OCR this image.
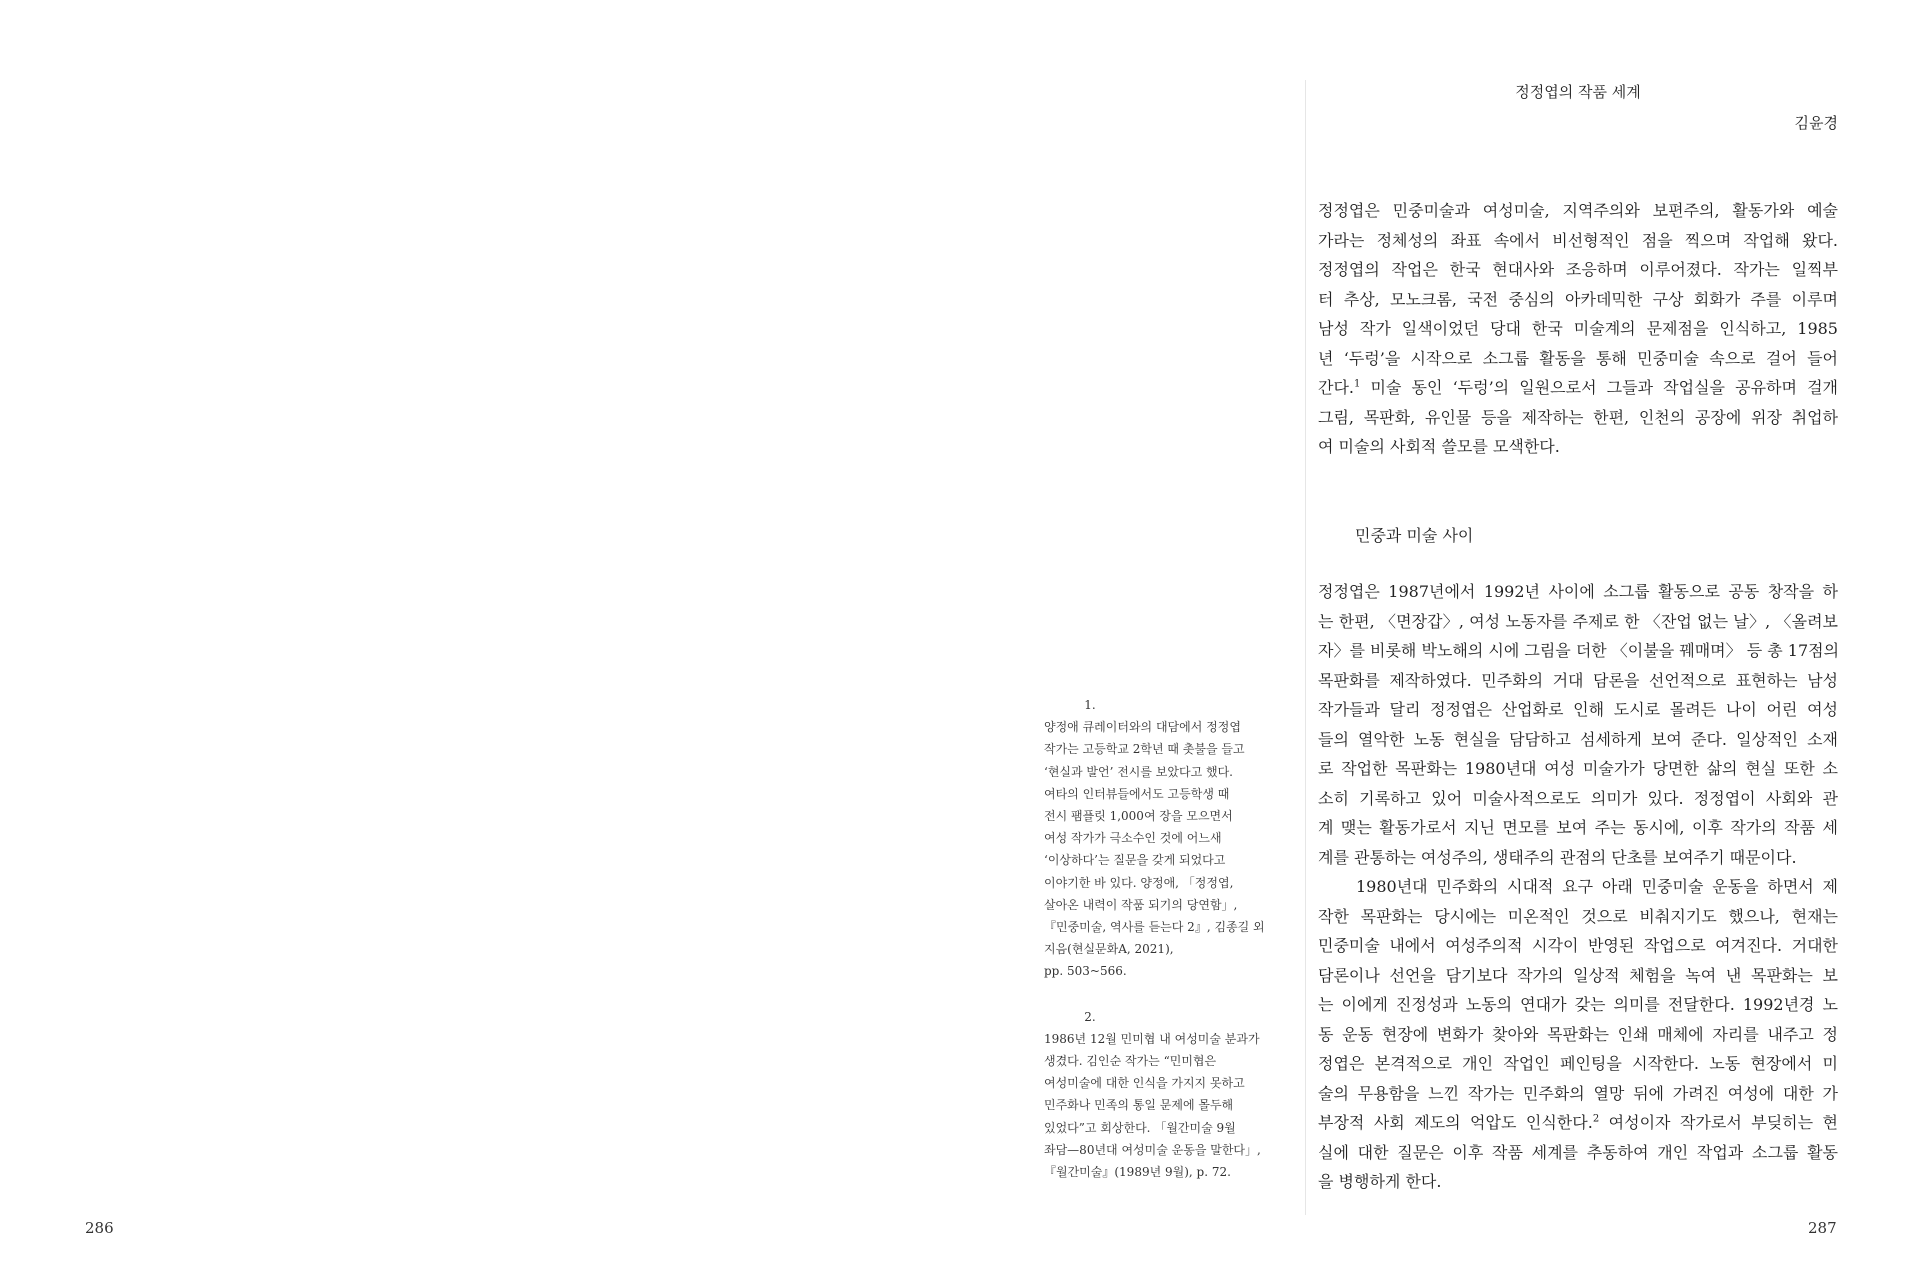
1.
양정애 큐레이터와의 대담에서 정정엽
작가는 고등학교 2학년 때 촛불을 들고
‘현실과 발언’ 전시를 보았다고 했다.
여타의 인터뷰들에서도 고등학생 때
전시 팸플릿 1,000여 장을 모으면서
여성 작가가 극소수인 것에 어느새
‘이상하다’는 질문을 갖게 되었다고
이야기한 바 있다. 양정애, 「정정엽,
살아온 내력이 작품 되기의 당연함」,
『민중미술, 역사를 듣는다 2』, 김종길 외
지음(현실문화A, 2021),
pp. 503~566.
2.
1986년 12월 민미협 내 여성미술 분과가
생겼다. 김인순 작가는 “민미협은
여성미술에 대한 인식을 가지지 못하고
민주화나 민족의 통일 문제에 몰두해
있었다”고 회상한다. 「월간미술 9월
좌담—80년대 여성미술 운동을 말한다」,
『월간미술』(1989년 9월), p. 72.
286
정정엽의 작품 세계
김윤경
정정엽은 민중미술과 여성미술, 지역주의와 보편주의, 활동가와 예술
가라는 정체성의 좌표 속에서 비선형적인 점을 찍으며 작업해 왔다.
정정엽의 작업은 한국 현대사와 조응하며 이루어졌다. 작가는 일찍부
터 추상, 모노크롬, 국전 중심의 아카데믹한 구상 회화가 주를 이루며
남성 작가 일색이었던 당대 한국 미술계의 문제점을 인식하고, 1985
년 ‘두렁’을 시작으로 소그룹 활동을 통해 민중미술 속으로 걸어 들어
간다.$^1$ 미술 동인 ‘두렁’의 일원으로서 그들과 작업실을 공유하며 걸개
그림, 목판화, 유인물 등을 제작하는 한편, 인천의 공장에 위장 취업하
여 미술의 사회적 쓸모를 모색한다.
민중과 미술 사이
정정엽은 1987년에서 1992년 사이에 소그룹 활동으로 공동 창작을 하
는 한편, 〈면장갑〉, 여성 노동자를 주제로 한 〈잔업 없는 날〉, 〈올려보
자〉를 비롯해 박노해의 시에 그림을 더한 〈이불을 꿰매며〉 등 총 17점의
목판화를 제작하였다. 민주화의 거대 담론을 선언적으로 표현하는 남성
작가들과 달리 정정엽은 산업화로 인해 도시로 몰려든 나이 어린 여성
들의 열악한 노동 현실을 담담하고 섬세하게 보여 준다. 일상적인 소재
로 작업한 목판화는 1980년대 여성 미술가가 당면한 삶의 현실 또한 소
소히 기록하고 있어 미술사적으로도 의미가 있다. 정정엽이 사회와 관
계 맺는 활동가로서 지닌 면모를 보여 주는 동시에, 이후 작가의 작품 세
계를 관통하는 여성주의, 생태주의 관점의 단초를 보여주기 때문이다.
1980년대 민주화의 시대적 요구 아래 민중미술 운동을 하면서 제
작한 목판화는 당시에는 미온적인 것으로 비춰지기도 했으나, 현재는
민중미술 내에서 여성주의적 시각이 반영된 작업으로 여겨진다. 거대한
담론이나 선언을 담기보다 작가의 일상적 체험을 녹여 낸 목판화는 보
는 이에게 진정성과 노동의 연대가 갖는 의미를 전달한다. 1992년경 노
동 운동 현장에 변화가 찾아와 목판화는 인쇄 매체에 자리를 내주고 정
정엽은 본격적으로 개인 작업인 페인팅을 시작한다. 노동 현장에서 미
술의 무용함을 느낀 작가는 민주화의 열망 뒤에 가려진 여성에 대한 가
부장적 사회 제도의 억압도 인식한다.$^2$ 여성이자 작가로서 부딪히는 현
실에 대한 질문은 이후 작품 세계를 추동하여 개인 작업과 소그룹 활동
을 병행하게 한다.
287
